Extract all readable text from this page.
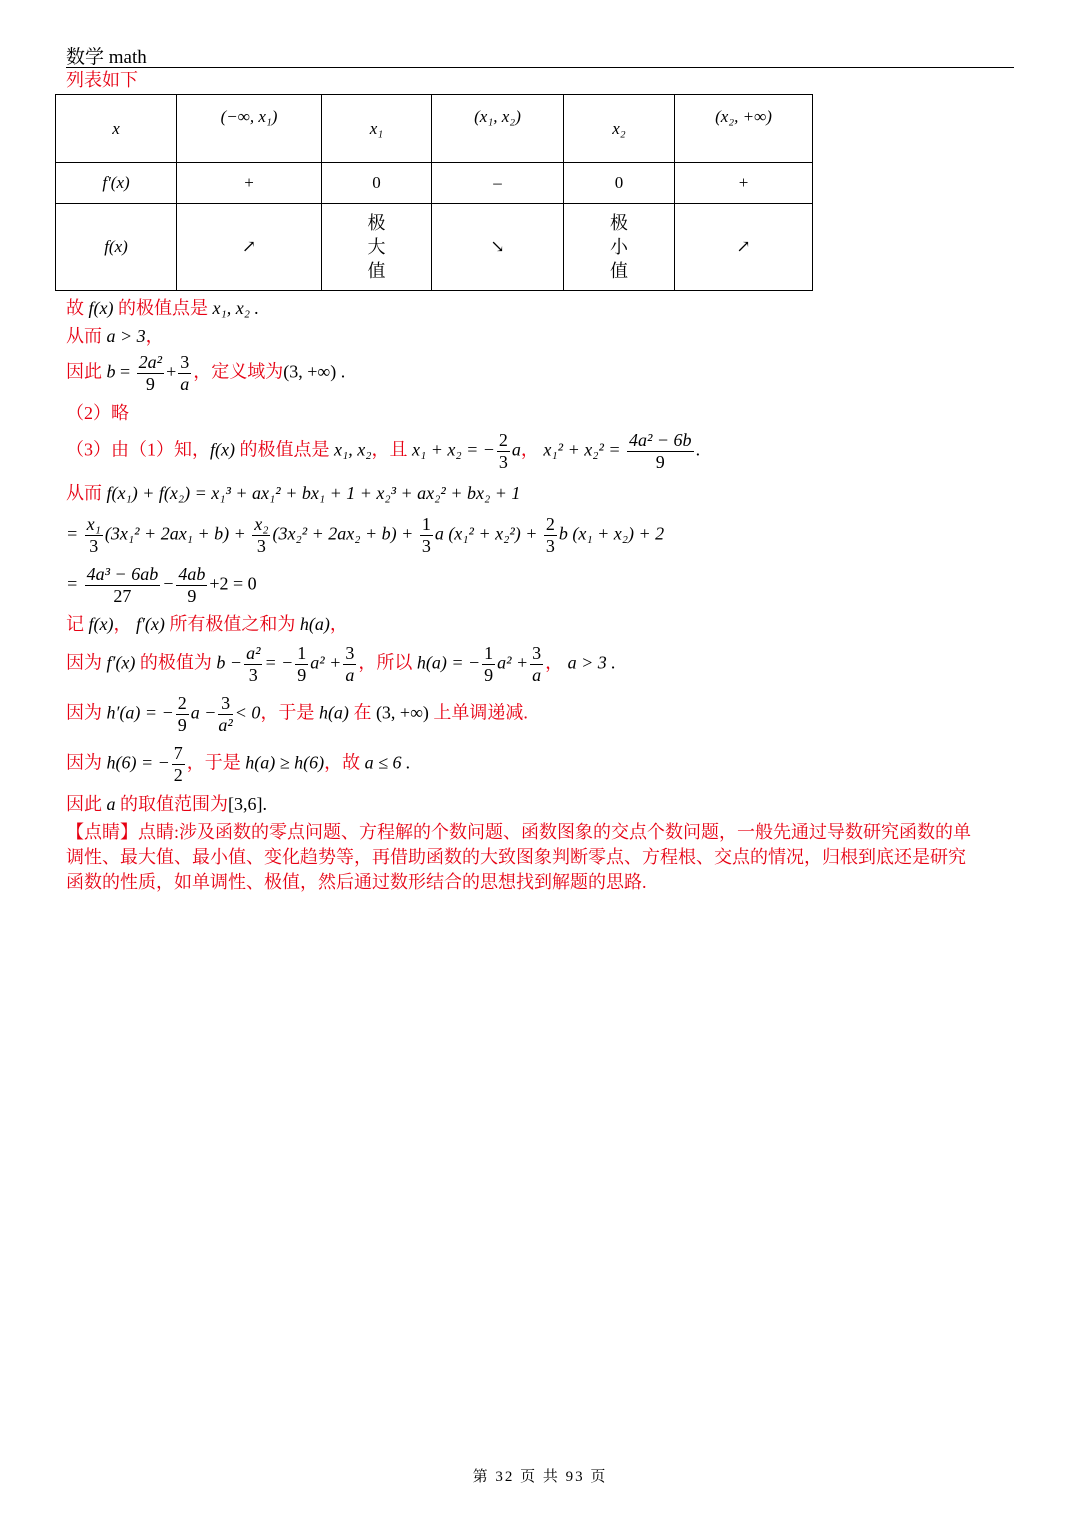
数学 math
列表如下
x	(−∞, x₁)	x₁	(x₁, x₂)	x₂	(x₂, +∞)

f′(x)	+	0	–	0	+
f(x)	↗	极
大
值	↘	极
小
值	↗
故 f(x) 的极值点是 x₁, x₂ .
从而 a > 3，
因此 $b = \frac{\text{2a²}}{9} + \frac{3}{a}$ ，定义域为(3, +∞) .
（2）略
（3）由（1）知，f(x) 的极值点是 x₁, x₂，且 x₁ + x₂ = − $\frac{2}{3}$ a， $x_1^2 + x_2^2 = \frac{\text{4a² − 6b}}{9}$ .
从而 f(x₁) + f(x₂) = x₁³ + ax₁² + bx₁ + 1 + x₂³ + ax₂² + bx₂ + 1
= $\frac{\text{x₁}}{3} (3x_1^2 + 2ax_1 + b) + \frac{\text{x₂}}{3} (3x_2^2 + 2ax_2 + b) + \frac{1}{3}$ a $(x_1^2 + x_2^2) + \frac{2}{3}$ b (x₁ + x₂) + 2
= $\frac{\text{4a³ − 6ab}}{27} - \frac{4ab}{9} +2 = 0$
记 f(x)， f′(x) 所有极值之和为 h(a)，
因为 f′(x) 的极值为 $b - \frac{\text{a²}}{3}$ = − $\frac{1}{9} a^2 + \frac{3}{a}$ ，所以 h(a) = − $\frac{1}{9} a^2 + \frac{3}{a}$ ， a > 3 .
因为 h′(a) = − $\frac{2}{9}$ $a - \frac{3}{\text{a²}} < 0$，于是 h(a) 在 (3, +∞) 上单调递减.
因为 h(6) = − $\frac{7}{2}$ ，于是 h(a) ≥ h(6)，故 a ≤ 6 .
因此 a 的取值范围为[3,6].
【点睛】点睛:涉及函数的零点问题、方程解的个数问题、函数图象的交点个数问题，一般先通过导数研究函数的单
调性、最大值、最小值、变化趋势等，再借助函数的大致图象判断零点、方程根、交点的情况，归根到底还是研究
函数的性质，如单调性、极值，然后通过数形结合的思想找到解题的思路.
第 32 页 共 93 页
